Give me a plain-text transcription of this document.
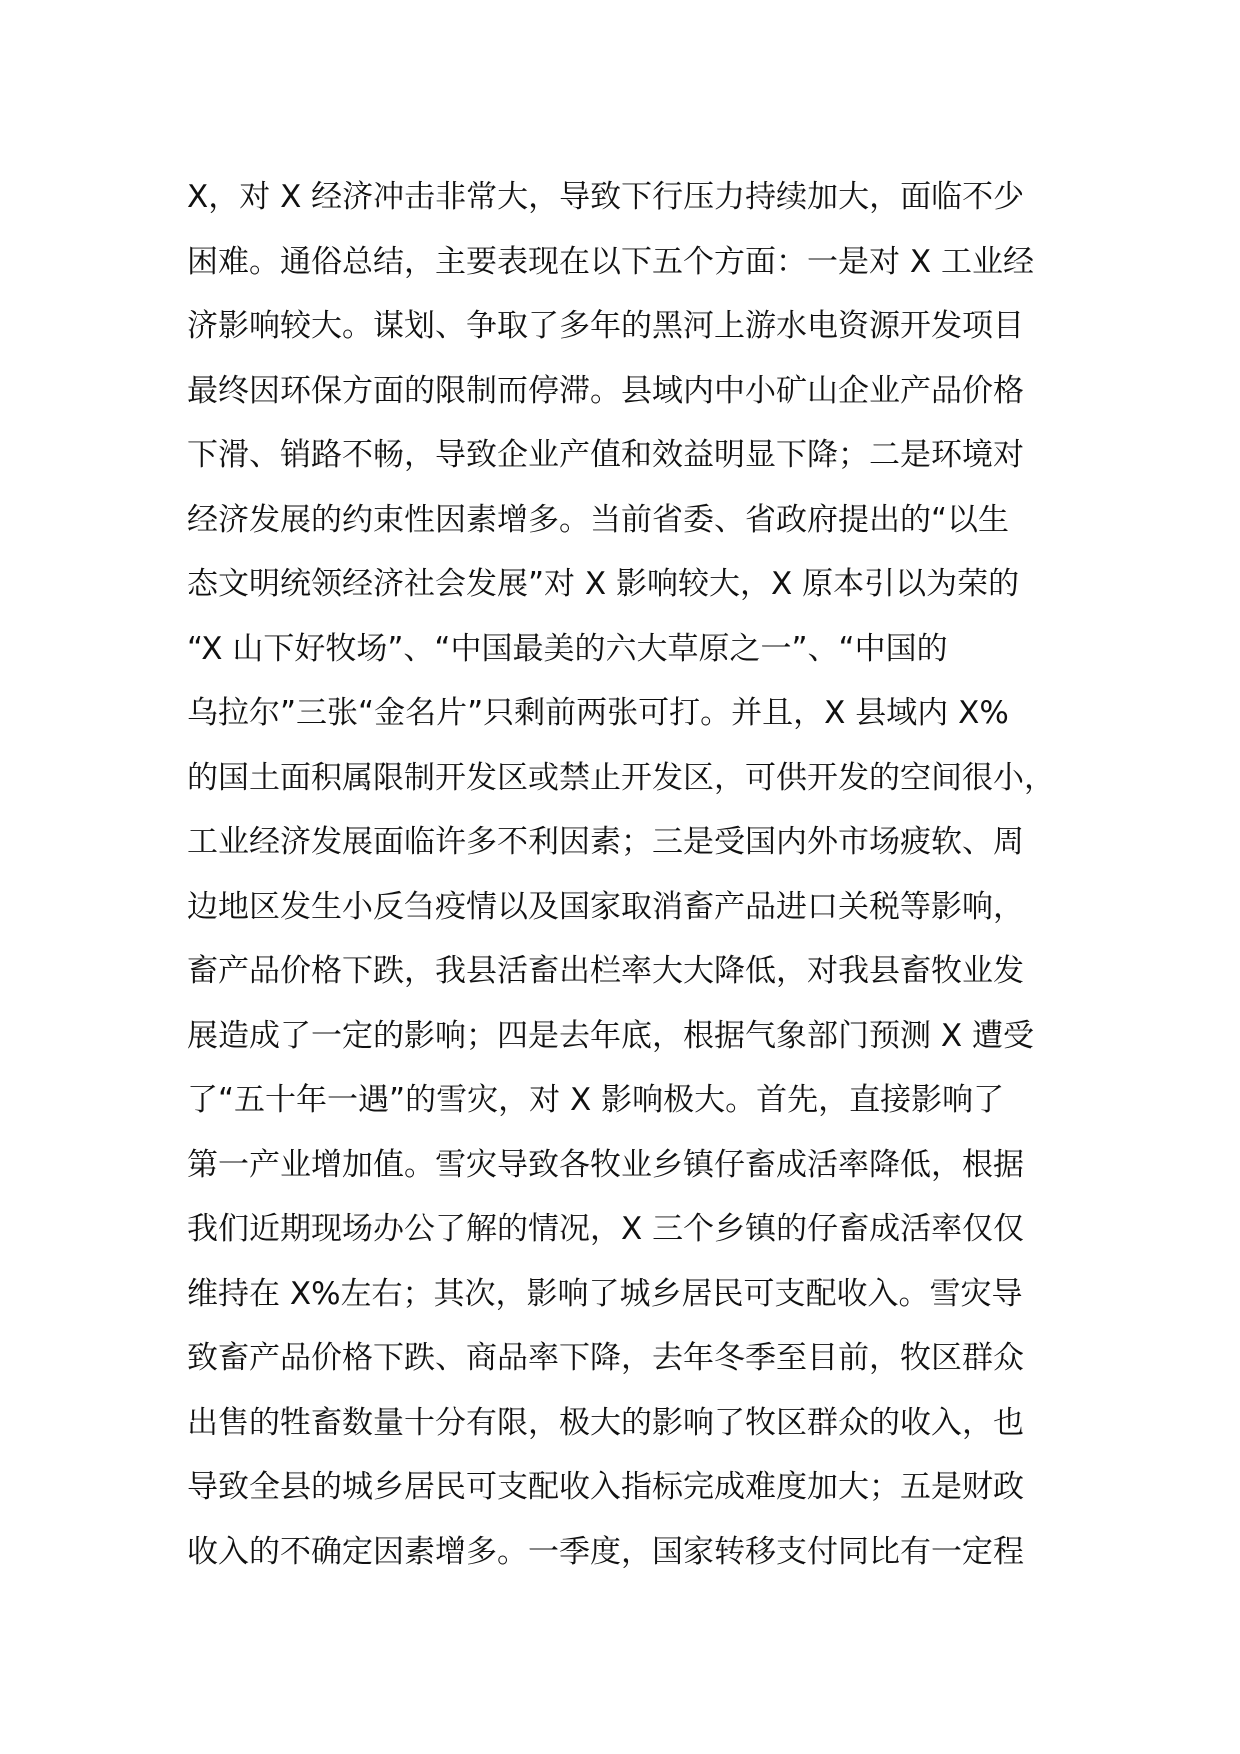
X，对 X 经济冲击非常大，导致下行压力持续加大，面临不少
困难。通俗总结，主要表现在以下五个方面：一是对 X 工业经
济影响较大。谋划、争取了多年的黑河上游水电资源开发项目
最终因环保方面的限制而停滞。县域内中小矿山企业产品价格
下滑、销路不畅，导致企业产值和效益明显下降；二是环境对
经济发展的约束性因素增多。当前省委、省政府提出的“以生
态文明统领经济社会发展”对 X 影响较大，X 原本引以为荣的
“X 山下好牧场”、“中国最美的六大草原之一”、“中国的
乌拉尔”三张“金名片”只剩前两张可打。并且，X 县域内 X%
的国土面积属限制开发区或禁止开发区，可供开发的空间很小，
工业经济发展面临许多不利因素；三是受国内外市场疲软、周
边地区发生小反刍疫情以及国家取消畜产品进口关税等影响，
畜产品价格下跌，我县活畜出栏率大大降低，对我县畜牧业发
展造成了一定的影响；四是去年底，根据气象部门预测 X 遭受
了“五十年一遇”的雪灾，对 X 影响极大。首先，直接影响了
第一产业增加值。雪灾导致各牧业乡镇仔畜成活率降低，根据
我们近期现场办公了解的情况，X 三个乡镇的仔畜成活率仅仅
维持在 X%左右；其次，影响了城乡居民可支配收入。雪灾导
致畜产品价格下跌、商品率下降，去年冬季至目前，牧区群众
出售的牲畜数量十分有限，极大的影响了牧区群众的收入，也
导致全县的城乡居民可支配收入指标完成难度加大；五是财政
收入的不确定因素增多。一季度，国家转移支付同比有一定程
